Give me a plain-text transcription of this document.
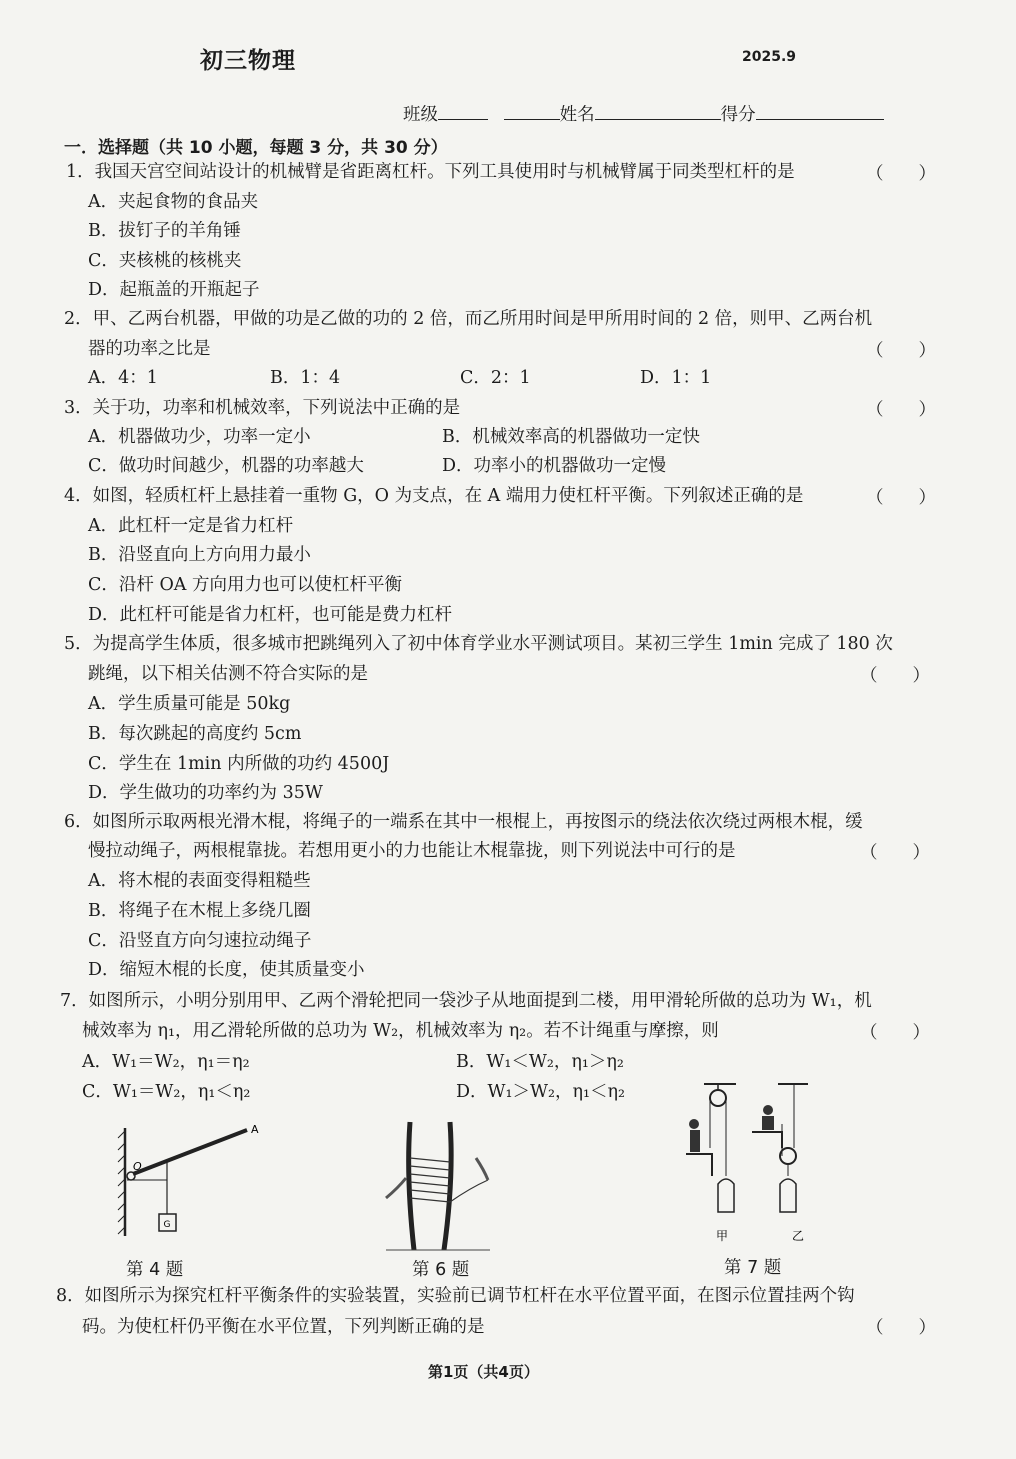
初三物理	2025.9
班级	姓名	得分
一．选择题（共 10 小题，每题 3 分，共 30 分）
1．我国天宫空间站设计的机械臂是省距离杠杆。下列工具使用时与机械臂属于同类型杠杆的是	（　　）
A．夹起食物的食品夹
B．拔钉子的羊角锤
C．夹核桃的核桃夹
D．起瓶盖的开瓶起子
2．甲、乙两台机器，甲做的功是乙做的功的 2 倍，而乙所用时间是甲所用时间的 2 倍，则甲、乙两台机
器的功率之比是	（　　）
A．4：1	B．1：4	C．2：1	D．1：1
3．关于功，功率和机械效率，下列说法中正确的是	（　　）
A．机器做功少，功率一定小	B．机械效率高的机器做功一定快
C．做功时间越少，机器的功率越大	D．功率小的机器做功一定慢
4．如图，轻质杠杆上悬挂着一重物 G，O 为支点，在 A 端用力使杠杆平衡。下列叙述正确的是	（　　）
A．此杠杆一定是省力杠杆
B．沿竖直向上方向用力最小
C．沿杆 OA 方向用力也可以使杠杆平衡
D．此杠杆可能是省力杠杆，也可能是费力杠杆
5．为提高学生体质，很多城市把跳绳列入了初中体育学业水平测试项目。某初三学生 1min 完成了 180 次
跳绳，以下相关估测不符合实际的是	（　　）
A．学生质量可能是 50kg
B．每次跳起的高度约 5cm
C．学生在 1min 内所做的功约 4500J
D．学生做功的功率约为 35W
6．如图所示取两根光滑木棍，将绳子的一端系在其中一根棍上，再按图示的绕法依次绕过两根木棍，缓
慢拉动绳子，两根棍靠拢。若想用更小的力也能让木棍靠拢，则下列说法中可行的是	（　　）
A．将木棍的表面变得粗糙些
B．将绳子在木棍上多绕几圈
C．沿竖直方向匀速拉动绳子
D．缩短木棍的长度，使其质量变小
7．如图所示，小明分别用甲、乙两个滑轮把同一袋沙子从地面提到二楼，用甲滑轮所做的总功为 W₁，机
械效率为 η₁，用乙滑轮所做的总功为 W₂，机械效率为 η₂。若不计绳重与摩擦，则	（　　）
A．W₁＝W₂，η₁＝η₂	B．W₁＜W₂，η₁＞η₂
C．W₁＝W₂，η₁＜η₂	D．W₁＞W₂，η₁＜η₂
G
O
A
第 4 题	第 6 题
甲	乙
第 7 题
8．如图所示为探究杠杆平衡条件的实验装置，实验前已调节杠杆在水平位置平面，在图示位置挂两个钩
码。为使杠杆仍平衡在水平位置，下列判断正确的是	（　　）
第1页（共4页）
